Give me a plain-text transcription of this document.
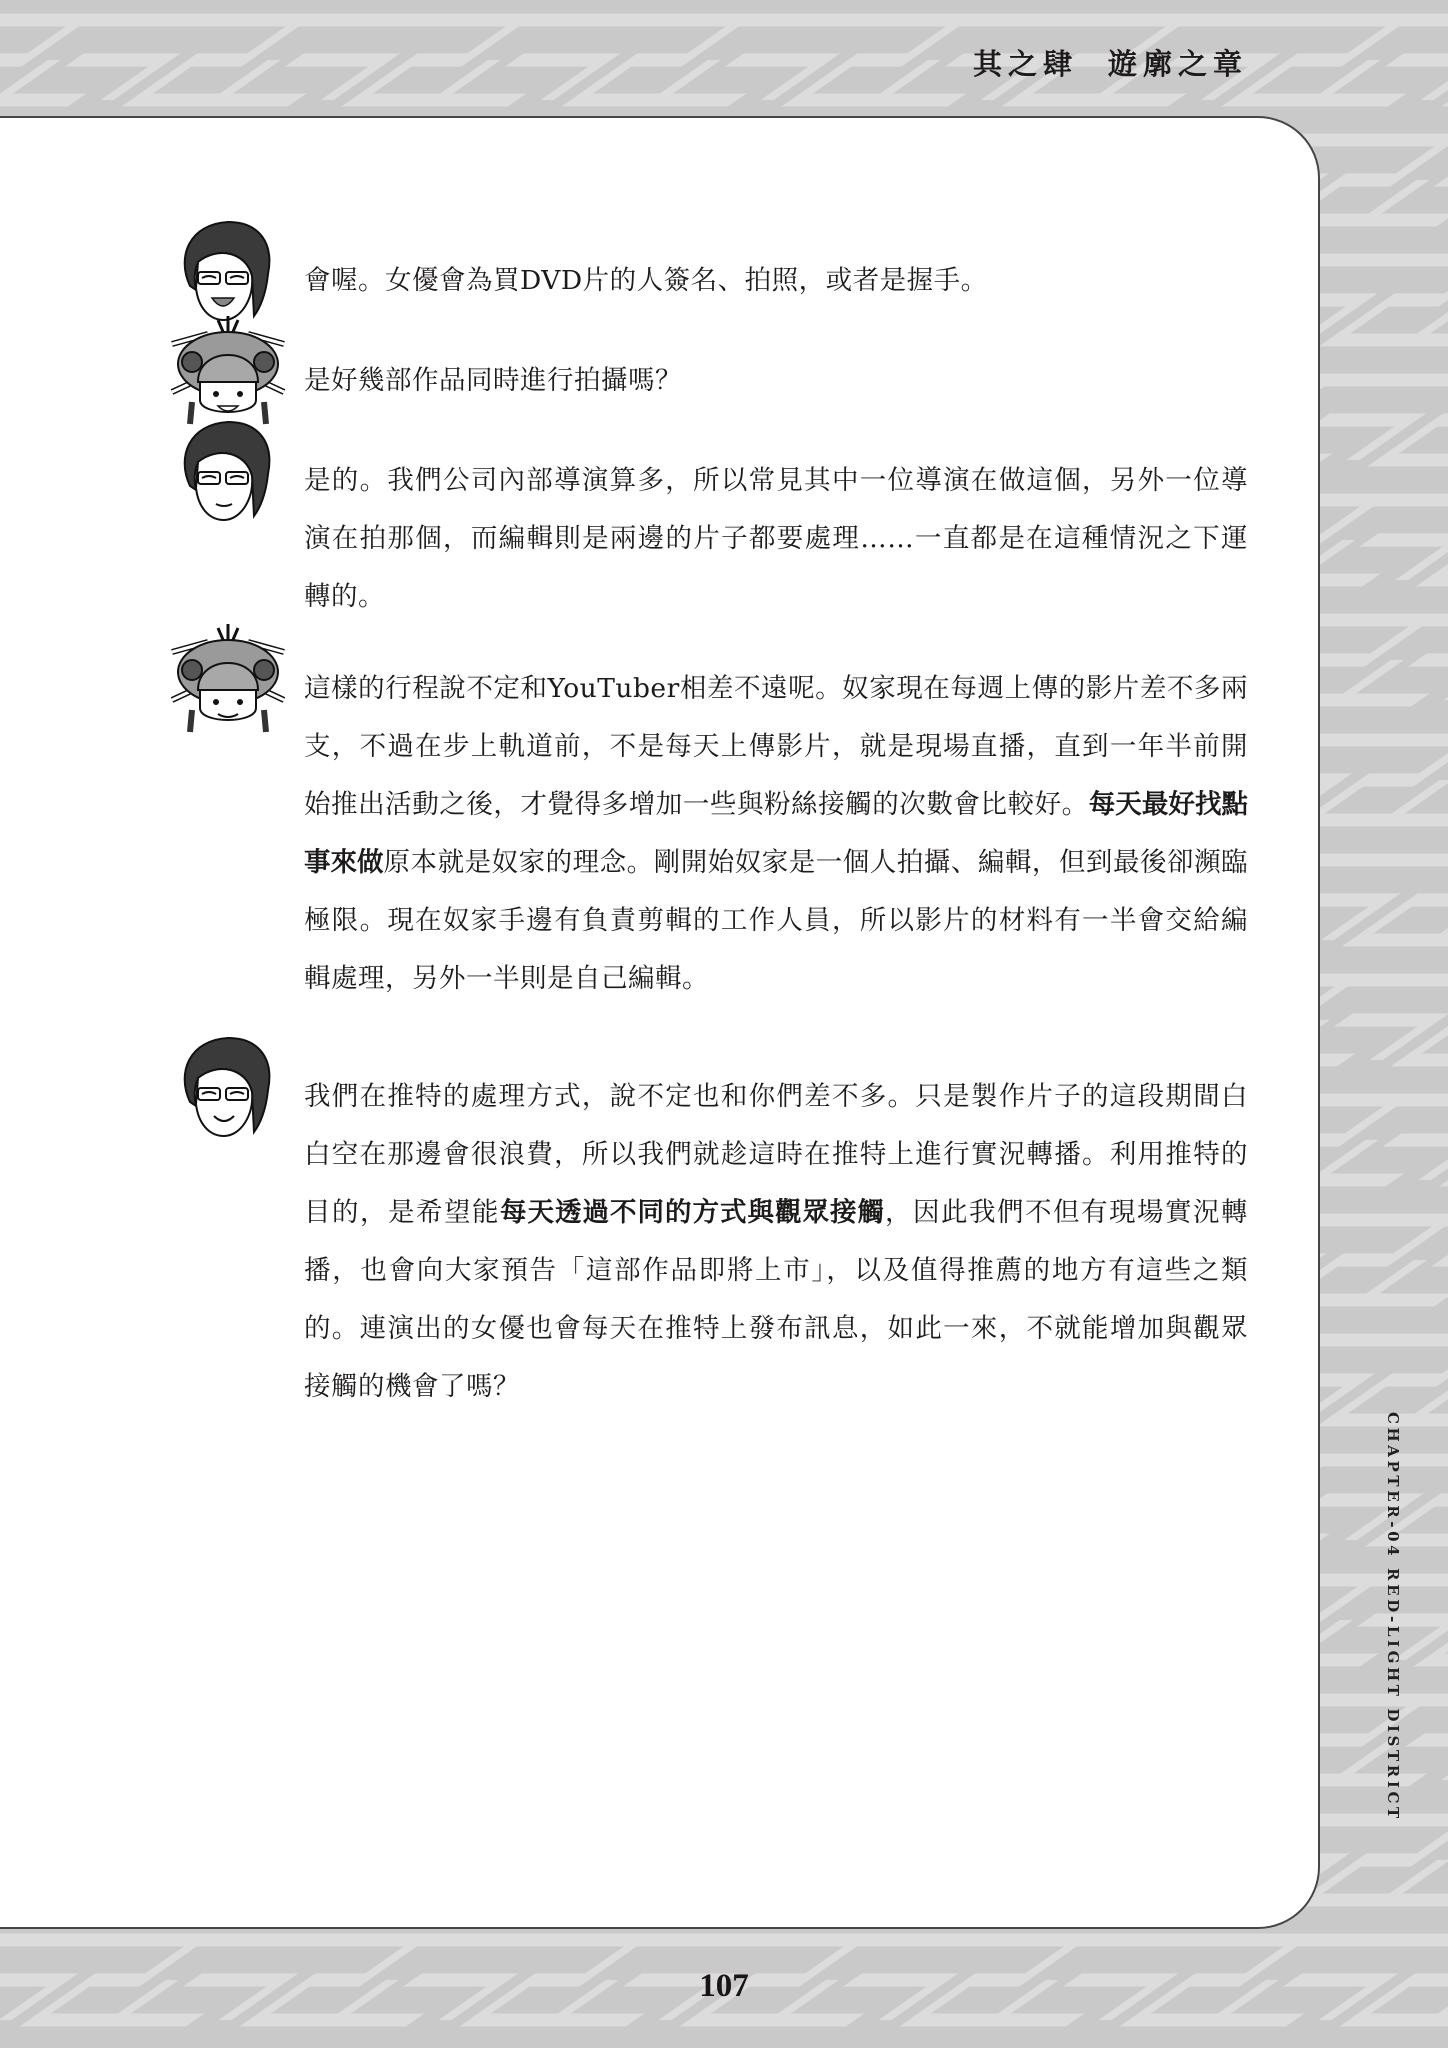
其之肆 遊廓之章
CHAPTER-04 RED-LIGHT DISTRICT
107
會喔。女優會為買DVD片的人簽名、拍照，或者是握手。
是好幾部作品同時進行拍攝嗎？
是的。我們公司內部導演算多，所以常見其中一位導演在做這個，另外一位導演在拍那個，而編輯則是兩邊的片子都要處理……一直都是在這種情況之下運轉的。
這樣的行程說不定和YouTuber相差不遠呢。奴家現在每週上傳的影片差不多兩支，不過在步上軌道前，不是每天上傳影片，就是現場直播，直到一年半前開始推出活動之後，才覺得多增加一些與粉絲接觸的次數會比較好。每天最好找點事來做原本就是奴家的理念。剛開始奴家是一個人拍攝、編輯，但到最後卻瀕臨極限。現在奴家手邊有負責剪輯的工作人員，所以影片的材料有一半會交給編輯處理，另外一半則是自己編輯。
我們在推特的處理方式，說不定也和你們差不多。只是製作片子的這段期間白白空在那邊會很浪費，所以我們就趁這時在推特上進行實況轉播。利用推特的目的，是希望能每天透過不同的方式與觀眾接觸，因此我們不但有現場實況轉播，也會向大家預告「這部作品即將上市」，以及值得推薦的地方有這些之類的。連演出的女優也會每天在推特上發布訊息，如此一來，不就能增加與觀眾接觸的機會了嗎？
